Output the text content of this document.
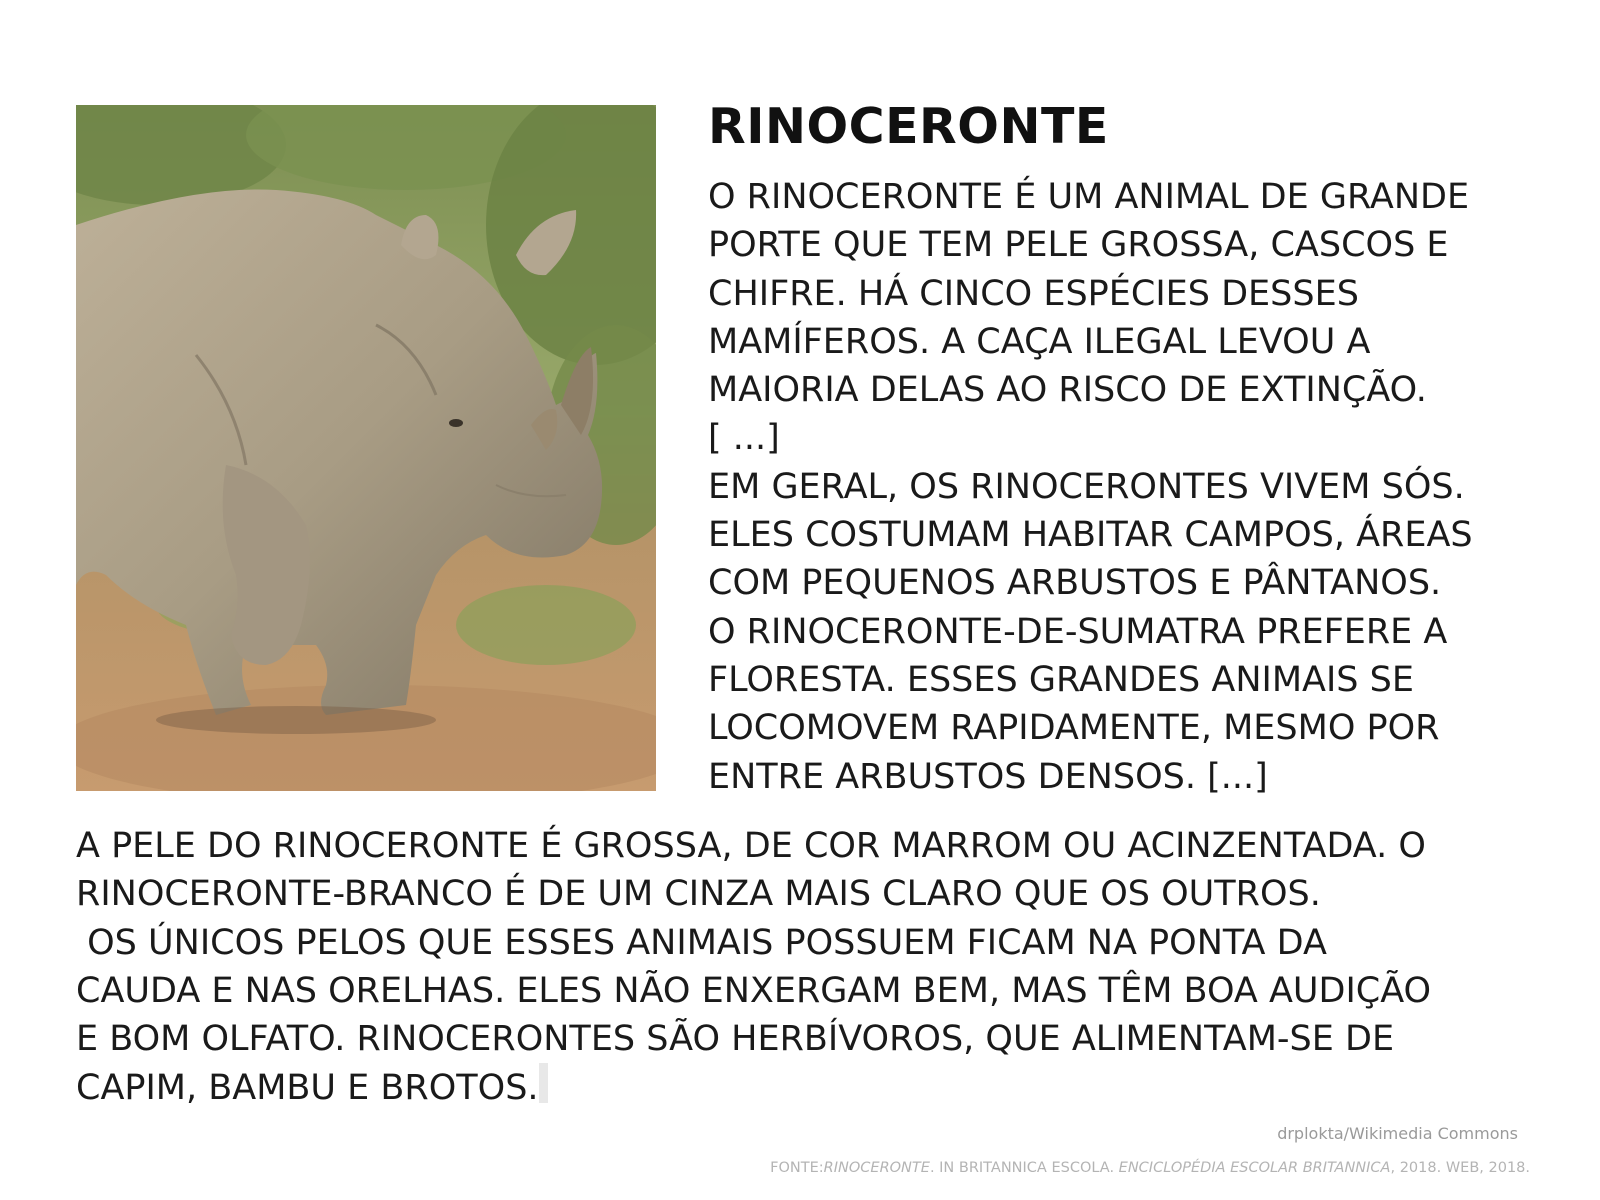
RINOCERONTE
O RINOCERONTE É UM ANIMAL DE GRANDE
PORTE QUE TEM PELE GROSSA, CASCOS E
CHIFRE. HÁ CINCO ESPÉCIES DESSES
MAMÍFEROS. A CAÇA ILEGAL LEVOU A
MAIORIA DELAS AO RISCO DE EXTINÇÃO.
[ ...]
EM GERAL, OS RINOCERONTES VIVEM SÓS.
ELES COSTUMAM HABITAR CAMPOS, ÁREAS
COM PEQUENOS ARBUSTOS E PÂNTANOS.
O RINOCERONTE-DE-SUMATRA PREFERE A
FLORESTA. ESSES GRANDES ANIMAIS SE
LOCOMOVEM RAPIDAMENTE, MESMO POR
ENTRE ARBUSTOS DENSOS. [...]
A PELE DO RINOCERONTE É GROSSA, DE COR MARROM OU ACINZENTADA. O
RINOCERONTE-BRANCO É DE UM CINZA MAIS CLARO QUE OS OUTROS.
OS ÚNICOS PELOS QUE ESSES ANIMAIS POSSUEM FICAM NA PONTA DA
CAUDA E NAS ORELHAS. ELES NÃO ENXERGAM BEM, MAS TÊM BOA AUDIÇÃO
E BOM OLFATO. RINOCERONTES SÃO HERBÍVOROS, QUE ALIMENTAM-SE DE
CAPIM, BAMBU E BROTOS.
drplokta/Wikimedia Commons
FONTE:RINOCERONTE. IN BRITANNICA ESCOLA. ENCICLOPÉDIA ESCOLAR BRITANNICA, 2018. WEB, 2018.
